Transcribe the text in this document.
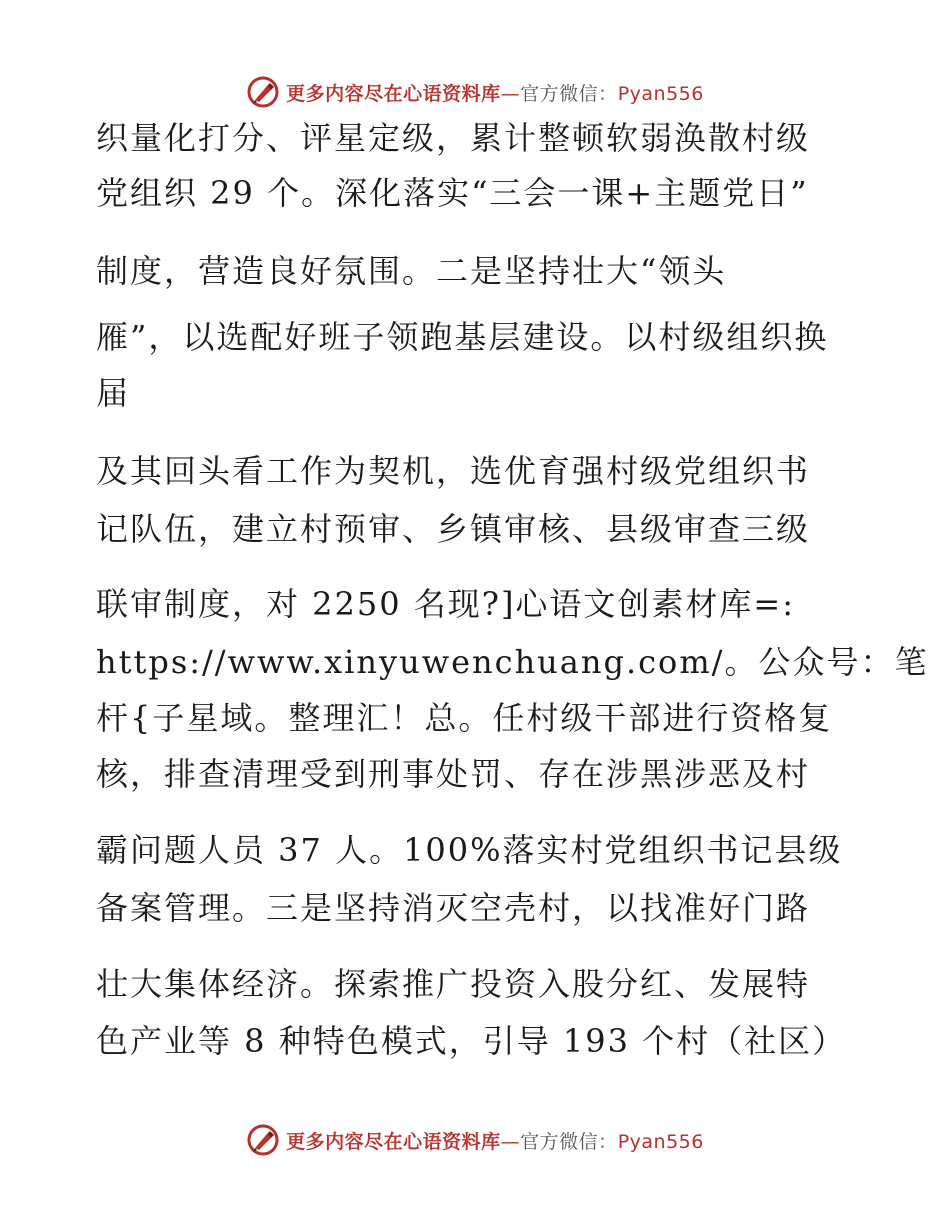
更多内容尽在心语资料库—官方微信：Pyan556
织量化打分、评星定级，累计整顿软弱涣散村级
党组织 29 个。深化落实“三会一课+主题党日”
制度，营造良好氛围。二是坚持壮大“领头
雁”，以选配好班子领跑基层建设。以村级组织换
届
及其回头看工作为契机，选优育强村级党组织书
记队伍，建立村预审、乡镇审核、县级审查三级
联审制度，对 2250 名现?]心语文创素材库=:
https://www.xinyuwenchuang.com/。公众号：笔
杆{子星域。整理汇！总。任村级干部进行资格复
核，排查清理受到刑事处罚、存在涉黑涉恶及村
霸问题人员 37 人。100%落实村党组织书记县级
备案管理。三是坚持消灭空壳村，以找准好门路
壮大集体经济。探索推广投资入股分红、发展特
色产业等 8 种特色模式，引导 193 个村（社区）
更多内容尽在心语资料库—官方微信：Pyan556
